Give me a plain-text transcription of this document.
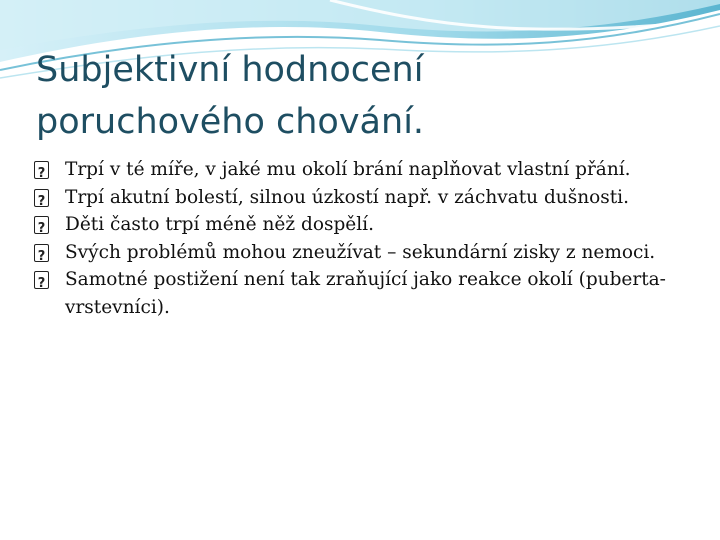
Subjektivní hodnocení
poruchového chování.
?
Trpí v té míře, v jaké mu okolí brání naplňovat vlastní přání.
?
Trpí akutní bolestí, silnou úzkostí např. v záchvatu dušnosti.
?
Děti často trpí méně něž dospělí.
?
Svých problémů mohou zneužívat – sekundární zisky z nemoci.
?
Samotné postižení není tak zraňující jako reakce okolí (puberta-vrstevníci).
